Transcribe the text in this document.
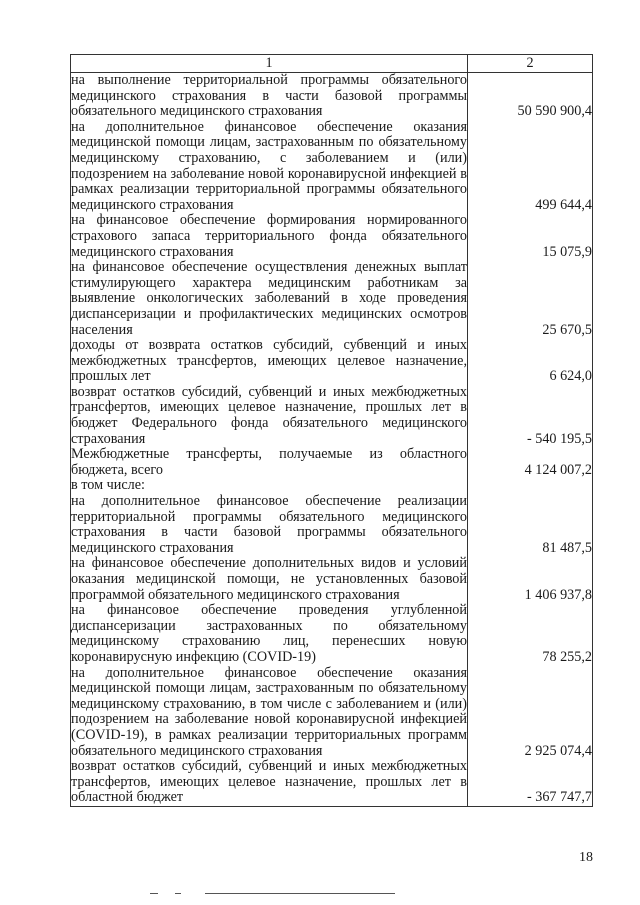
1	2
на выполнение территориальной программы обязательного медицинского страхования в части базовой программы обязательного медицинского страхования	50 590 900,4
на дополнительное финансовое обеспечение оказания медицинской помощи лицам, застрахованным по обязательному медицинскому страхованию, с заболеванием и (или) подозрением на заболевание новой коронавирусной инфекцией в рамках реализации территориальной программы обязательного медицинского страхования	499 644,4
на финансовое обеспечение формирования нормированного страхового запаса территориального фонда обязательного медицинского страхования	15 075,9
на финансовое обеспечение осуществления денежных выплат стимулирующего характера медицинским работникам за выявление онкологических заболеваний в ходе проведения диспансеризации и профилактических медицинских осмотров населения	25 670,5
доходы от возврата остатков субсидий, субвенций и иных межбюджетных трансфертов, имеющих целевое назначение, прошлых лет	6 624,0
возврат остатков субсидий, субвенций и иных межбюджетных трансфертов, имеющих целевое назначение, прошлых лет в бюджет Федерального фонда обязательного медицинского страхования	- 540 195,5
Межбюджетные трансферты, получаемые из областного бюджета, всего	4 124 007,2
в том числе:	
на дополнительное финансовое обеспечение реализации территориальной программы обязательного медицинского страхования в части базовой программы обязательного медицинского страхования	81 487,5
на финансовое обеспечение дополнительных видов и условий оказания медицинской помощи, не установленных базовой программой обязательного медицинского страхования	1 406 937,8
на финансовое обеспечение проведения углубленной диспансеризации застрахованных по обязательному медицинскому страхованию лиц, перенесших новую коронавирусную инфекцию (COVID-19)	78 255,2
на дополнительное финансовое обеспечение оказания медицинской помощи лицам, застрахованным по обязательному медицинскому страхованию, в том числе с заболеванием и (или) подозрением на заболевание новой коронавирусной инфекцией (COVID-19), в рамках реализации территориальных программ обязательного медицинского страхования	2 925 074,4
возврат остатков субсидий, субвенций и иных межбюджетных трансфертов, имеющих целевое назначение, прошлых лет в областной бюджет	- 367 747,7
18
